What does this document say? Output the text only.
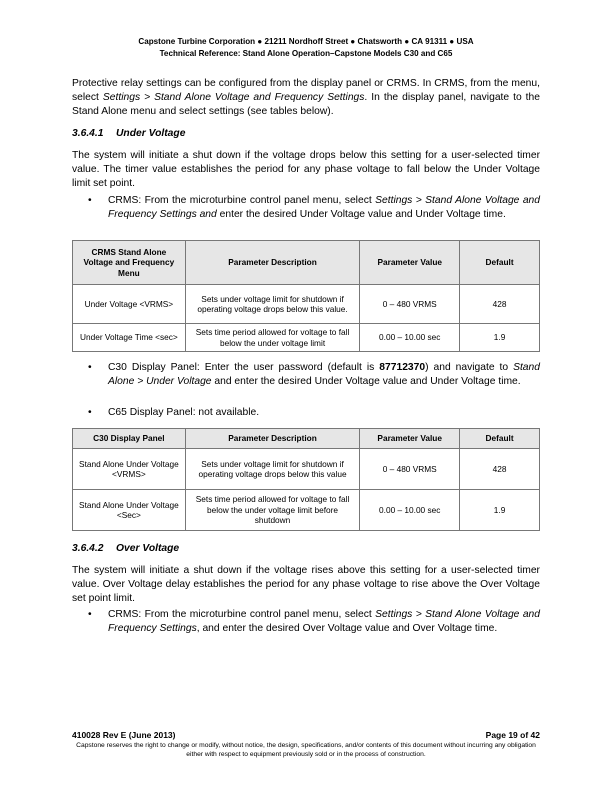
Capstone Turbine Corporation ● 21211 Nordhoff Street ● Chatsworth ● CA 91311 ● USA
Technical Reference: Stand Alone Operation–Capstone Models C30 and C65

Protective relay settings can be configured from the display panel or CRMS. In CRMS, from the menu, select Settings > Stand Alone Voltage and Frequency Settings. In the display panel, navigate to the Stand Alone menu and select settings (see tables below).

3.6.4.1 Under Voltage

The system will initiate a shut down if the voltage drops below this setting for a user-selected timer value. The timer value establishes the period for any phase voltage to fall below the Under Voltage limit set point.

• CRMS: From the microturbine control panel menu, select Settings > Stand Alone Voltage and Frequency Settings and enter the desired Under Voltage value and Under Voltage time.

CRMS Stand Alone Voltage and Frequency Menu	Parameter Description	Parameter Value	Default
Under Voltage <VRMS>	Sets under voltage limit for shutdown if operating voltage drops below this value.	0 – 480 VRMS	428
Under Voltage Time <sec>	Sets time period allowed for voltage to fall below the under voltage limit	0.00 – 10.00 sec	1.9
• C30 Display Panel: Enter the user password (default is 87712370) and navigate to Stand Alone > Under Voltage and enter the desired Under Voltage value and Under Voltage time.

• C65 Display Panel: not available.

C30 Display Panel	Parameter Description	Parameter Value	Default
Stand Alone Under Voltage <VRMS>	Sets under voltage limit for shutdown if operating voltage drops below this value	0 – 480 VRMS	428
Stand Alone Under Voltage <Sec>	Sets time period allowed for voltage to fall below the under voltage limit before shutdown	0.00 – 10.00 sec	1.9
3.6.4.2 Over Voltage

The system will initiate a shut down if the voltage rises above this setting for a user-selected timer value. Over Voltage delay establishes the period for any phase voltage to rise above the Over Voltage set point limit.

• CRMS: From the microturbine control panel menu, select Settings > Stand Alone Voltage and Frequency Settings, and enter the desired Over Voltage value and Over Voltage time.

410028 Rev E (June 2013)	Page 19 of 42
Capstone reserves the right to change or modify, without notice, the design, specifications, and/or contents of this document without incurring any obligation either with respect to equipment previously sold or in the process of construction.
